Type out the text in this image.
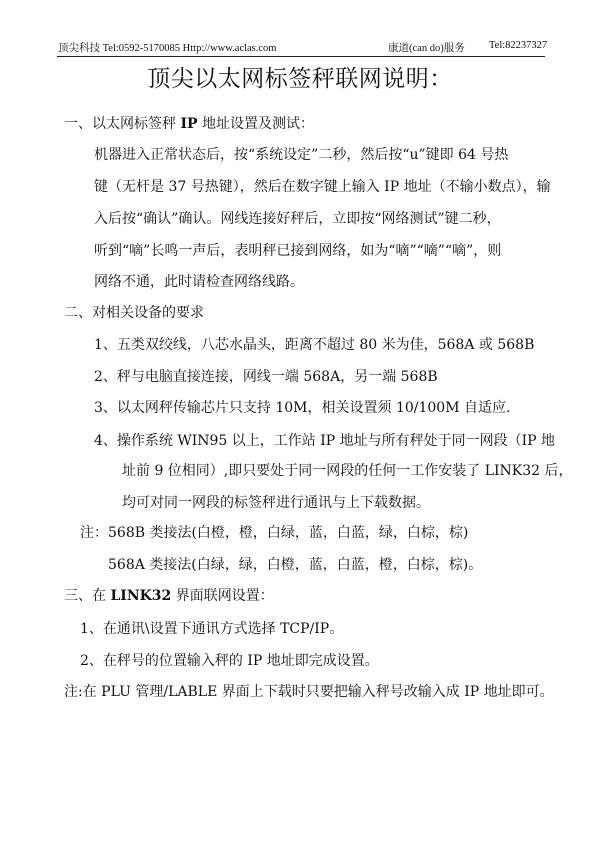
顶尖科技 Tel:0592-5170085 Http://www.aclas.com	康道(can do)服务 Tel:82237327
顶尖以太网标签秤联网说明：
一、以太网标签秤 IP 地址设置及测试：
机器进入正常状态后，按“系统设定”二秒，然后按“u”键即 64 号热
键（无杆是 37 号热键），然后在数字键上输入 IP 地址（不输小数点），输
入后按“确认”确认。网线连接好秤后，立即按“网络测试”键二秒，
听到“嘀”长鸣一声后，表明秤已接到网络，如为“嘀”“嘀”“嘀”，则
网络不通，此时请检查网络线路。
二、对相关设备的要求
1、五类双绞线，八芯水晶头，距离不超过 80 米为佳，568A 或 568B
2、秤与电脑直接连接，网线一端 568A，另一端 568B
3、以太网秤传输芯片只支持 10M，相关设置须 10/100M 自适应.
4、操作系统 WIN95 以上，工作站 IP 地址与所有秤处于同一网段（IP 地
址前 9 位相同）,即只要处于同一网段的任何一工作安装了 LINK32 后，
均可对同一网段的标签秤进行通讯与上下载数据。
注：568B 类接法(白橙，橙，白绿，蓝，白蓝，绿，白棕，棕)
568A 类接法(白绿，绿，白橙，蓝，白蓝，橙，白棕，棕)。
三、在 LINK32 界面联网设置：
1、在通讯\设置下通讯方式选择 TCP/IP。
2、在秤号的位置输入秤的 IP 地址即完成设置。
注:在 PLU 管理/LABLE 界面上下载时只要把输入秤号改输入成 IP 地址即可。
